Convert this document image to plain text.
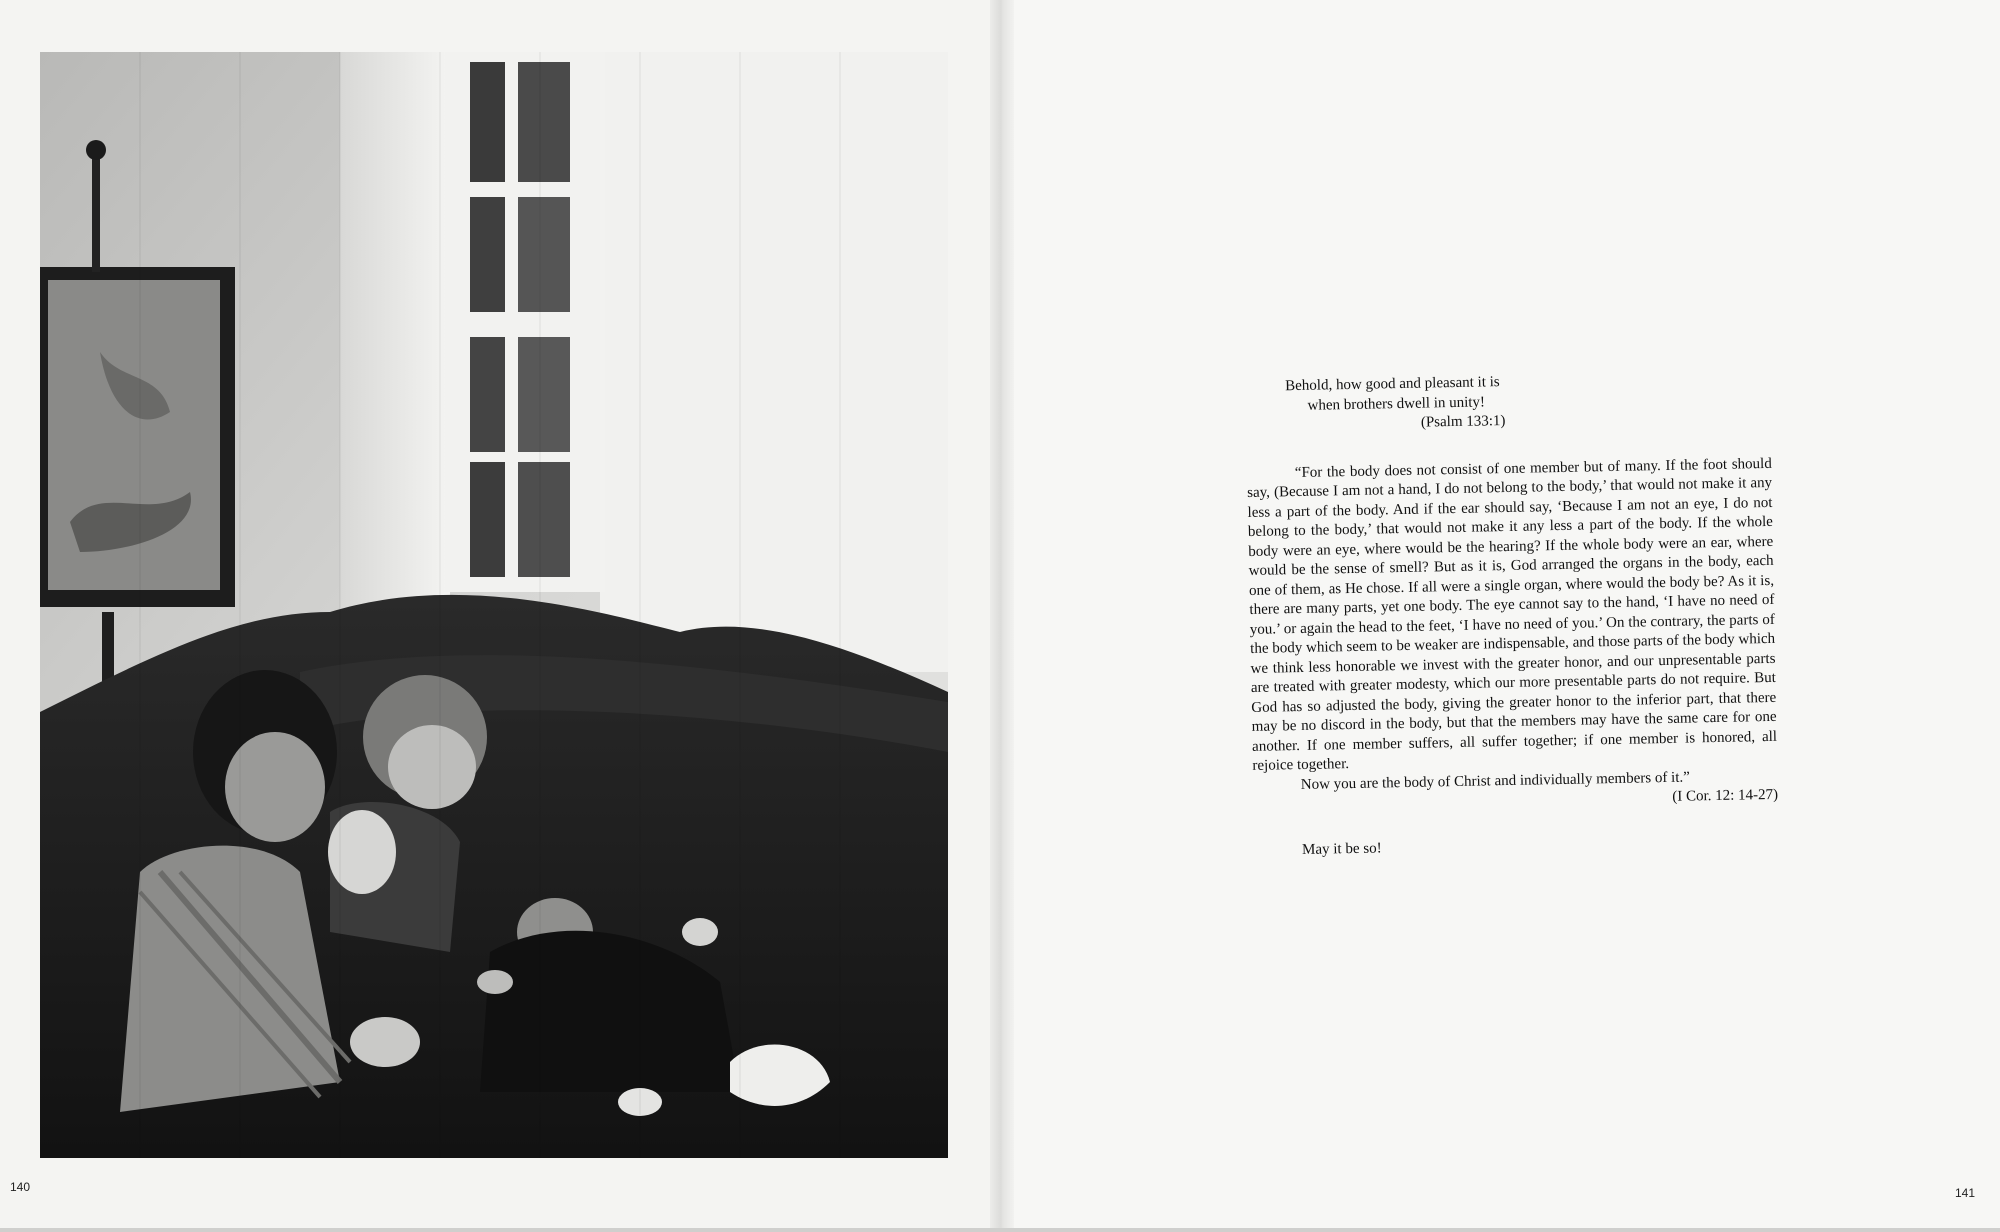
140	141
Behold, how good and pleasant it is
when brothers dwell in unity!
(Psalm 133:1)

“For the body does not consist of one member but of many. If the foot should say, (Because I am not a hand, I do not belong to the body,’ that would not make it any less a part of the body. And if the ear should say, ‘Because I am not an eye, I do not belong to the body,’ that would not make it any less a part of the body. If the whole body were an eye, where would be the hearing? If the whole body were an ear, where would be the sense of smell? But as it is, God arranged the organs in the body, each one of them, as He chose. If all were a single organ, where would the body be? As it is, there are many parts, yet one body. The eye cannot say to the hand, ‘I have no need of you.’ or again the head to the feet, ‘I have no need of you.’ On the contrary, the parts of the body which seem to be weaker are indispensable, and those parts of the body which we think less honorable we invest with the greater honor, and our unpresentable parts are treated with greater modesty, which our more presentable parts do not require. But God has so adjusted the body, giving the greater honor to the inferior part, that there may be no discord in the body, but that the members may have the same care for one another. If one member suffers, all suffer together; if one member is honored, all rejoice together.

Now you are the body of Christ and individually members of it.”

(I Cor. 12: 14-27)
May it be so!
